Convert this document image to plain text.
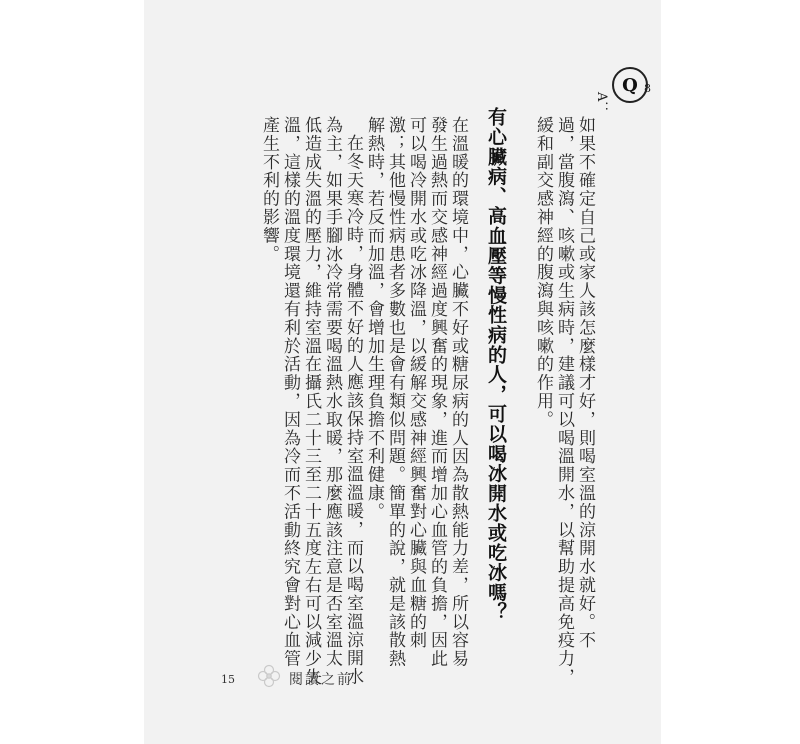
如果不確定自己或家人該怎麼樣才好，則喝室溫的涼開水就好。不
過，當腹瀉、咳嗽或生病時，建議可以喝溫開水，以幫助提高免疫力，
緩和副交感神經的腹瀉與咳嗽的作用。
Q 8
有心臟病、高血壓等慢性病的人，可以喝冰開水或吃冰嗎？
A：
在溫暖的環境中，心臟不好或糖尿病的人因為散熱能力差，所以容易
發生過熱而交感神經過度興奮的現象，進而增加心血管的負擔，因此
可以喝冷開水或吃冰降溫，以緩解交感神經興奮對心臟與血糖的刺
激；其他慢性病患者多數也是會有類似問題。簡單的說，就是該散熱
解熱時，若反而加溫，會增加生理負擔不利健康。
在冬天寒冷時，身體不好的人應該保持室溫溫暖，而以喝室溫涼開水
為主，如果手腳冰冷常需要喝溫熱水取暖，那麼應該注意是否室溫太
低造成失溫的壓力，維持室溫在攝氏二十三至二十五度左右可以減少失
溫，這樣的溫度環境還有利於活動，因為冷而不活動終究會對心血管
產生不利的影響。
15	閱讀之前
